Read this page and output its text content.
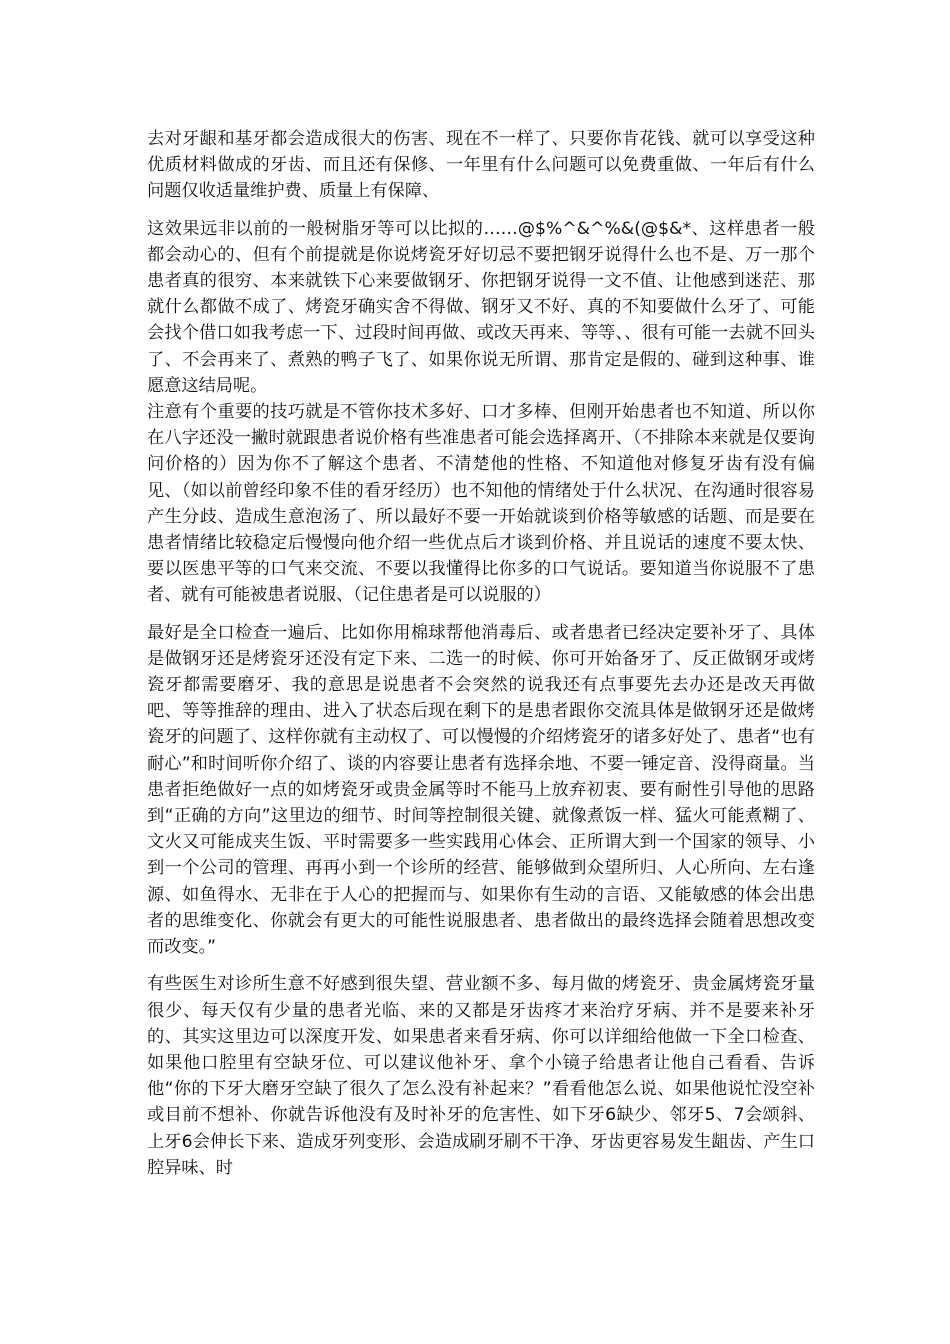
去对牙龈和基牙都会造成很大的伤害、现在不一样了、只要你肯花钱、就可以享受这种优质材料做成的牙齿、而且还有保修、一年里有什么问题可以免费重做、一年后有什么问题仅收适量维护费、质量上有保障、

这效果远非以前的一般树脂牙等可以比拟的……@$%^&^%&(@$&*、这样患者一般都会动心的、但有个前提就是你说烤瓷牙好切忌不要把钢牙说得什么也不是、万一那个患者真的很穷、本来就铁下心来要做钢牙、你把钢牙说得一文不值、让他感到迷茫、那就什么都做不成了、烤瓷牙确实舍不得做、钢牙又不好、真的不知要做什么牙了、可能会找个借口如我考虑一下、过段时间再做、或改天再来、等等、、很有可能一去就不回头了、不会再来了、煮熟的鸭子飞了、如果你说无所谓、那肯定是假的、碰到这种事、谁愿意这结局呢。

注意有个重要的技巧就是不管你技术多好、口才多棒、但刚开始患者也不知道、所以你在八字还没一撇时就跟患者说价格有些准患者可能会选择离开、（不排除本来就是仅要询问价格的）因为你不了解这个患者、不清楚他的性格、不知道他对修复牙齿有没有偏见、（如以前曾经印象不佳的看牙经历）也不知他的情绪处于什么状况、在沟通时很容易产生分歧、造成生意泡汤了、所以最好不要一开始就谈到价格等敏感的话题、而是要在患者情绪比较稳定后慢慢向他介绍一些优点后才谈到价格、并且说话的速度不要太快、要以医患平等的口气来交流、不要以我懂得比你多的口气说话。要知道当你说服不了患者、就有可能被患者说服、（记住患者是可以说服的）

最好是全口检查一遍后、比如你用棉球帮他消毒后、或者患者已经决定要补牙了、具体是做钢牙还是烤瓷牙还没有定下来、二选一的时候、你可开始备牙了、反正做钢牙或烤瓷牙都需要磨牙、我的意思是说患者不会突然的说我还有点事要先去办还是改天再做吧、等等推辞的理由、进入了状态后现在剩下的是患者跟你交流具体是做钢牙还是做烤瓷牙的问题了、这样你就有主动权了、可以慢慢的介绍烤瓷牙的诸多好处了、患者“也有耐心”和时间听你介绍了、谈的内容要让患者有选择余地、不要一锤定音、没得商量。当患者拒绝做好一点的如烤瓷牙或贵金属等时不能马上放弃初衷、要有耐性引导他的思路到“正确的方向”这里边的细节、时间等控制很关键、就像煮饭一样、猛火可能煮糊了、文火又可能成夹生饭、平时需要多一些实践用心体会、正所谓大到一个国家的领导、小到一个公司的管理、再再小到一个诊所的经营、能够做到众望所归、人心所向、左右逢源、如鱼得水、无非在于人心的把握而与、如果你有生动的言语、又能敏感的体会出患者的思维变化、你就会有更大的可能性说服患者、患者做出的最终选择会随着思想改变而改变。”

有些医生对诊所生意不好感到很失望、营业额不多、每月做的烤瓷牙、贵金属烤瓷牙量很少、每天仅有少量的患者光临、来的又都是牙齿疼才来治疗牙病、并不是要来补牙的、其实这里边可以深度开发、如果患者来看牙病、你可以详细给他做一下全口检查、如果他口腔里有空缺牙位、可以建议他补牙、拿个小镜子给患者让他自己看看、告诉他“你的下牙大磨牙空缺了很久了怎么没有补起来？”看看他怎么说、如果他说忙没空补或目前不想补、你就告诉他没有及时补牙的危害性、如下牙6缺少、邻牙5、7会颂斜、上牙6会伸长下来、造成牙列变形、会造成刷牙刷不干净、牙齿更容易发生龃齿、产生口腔异味、时
